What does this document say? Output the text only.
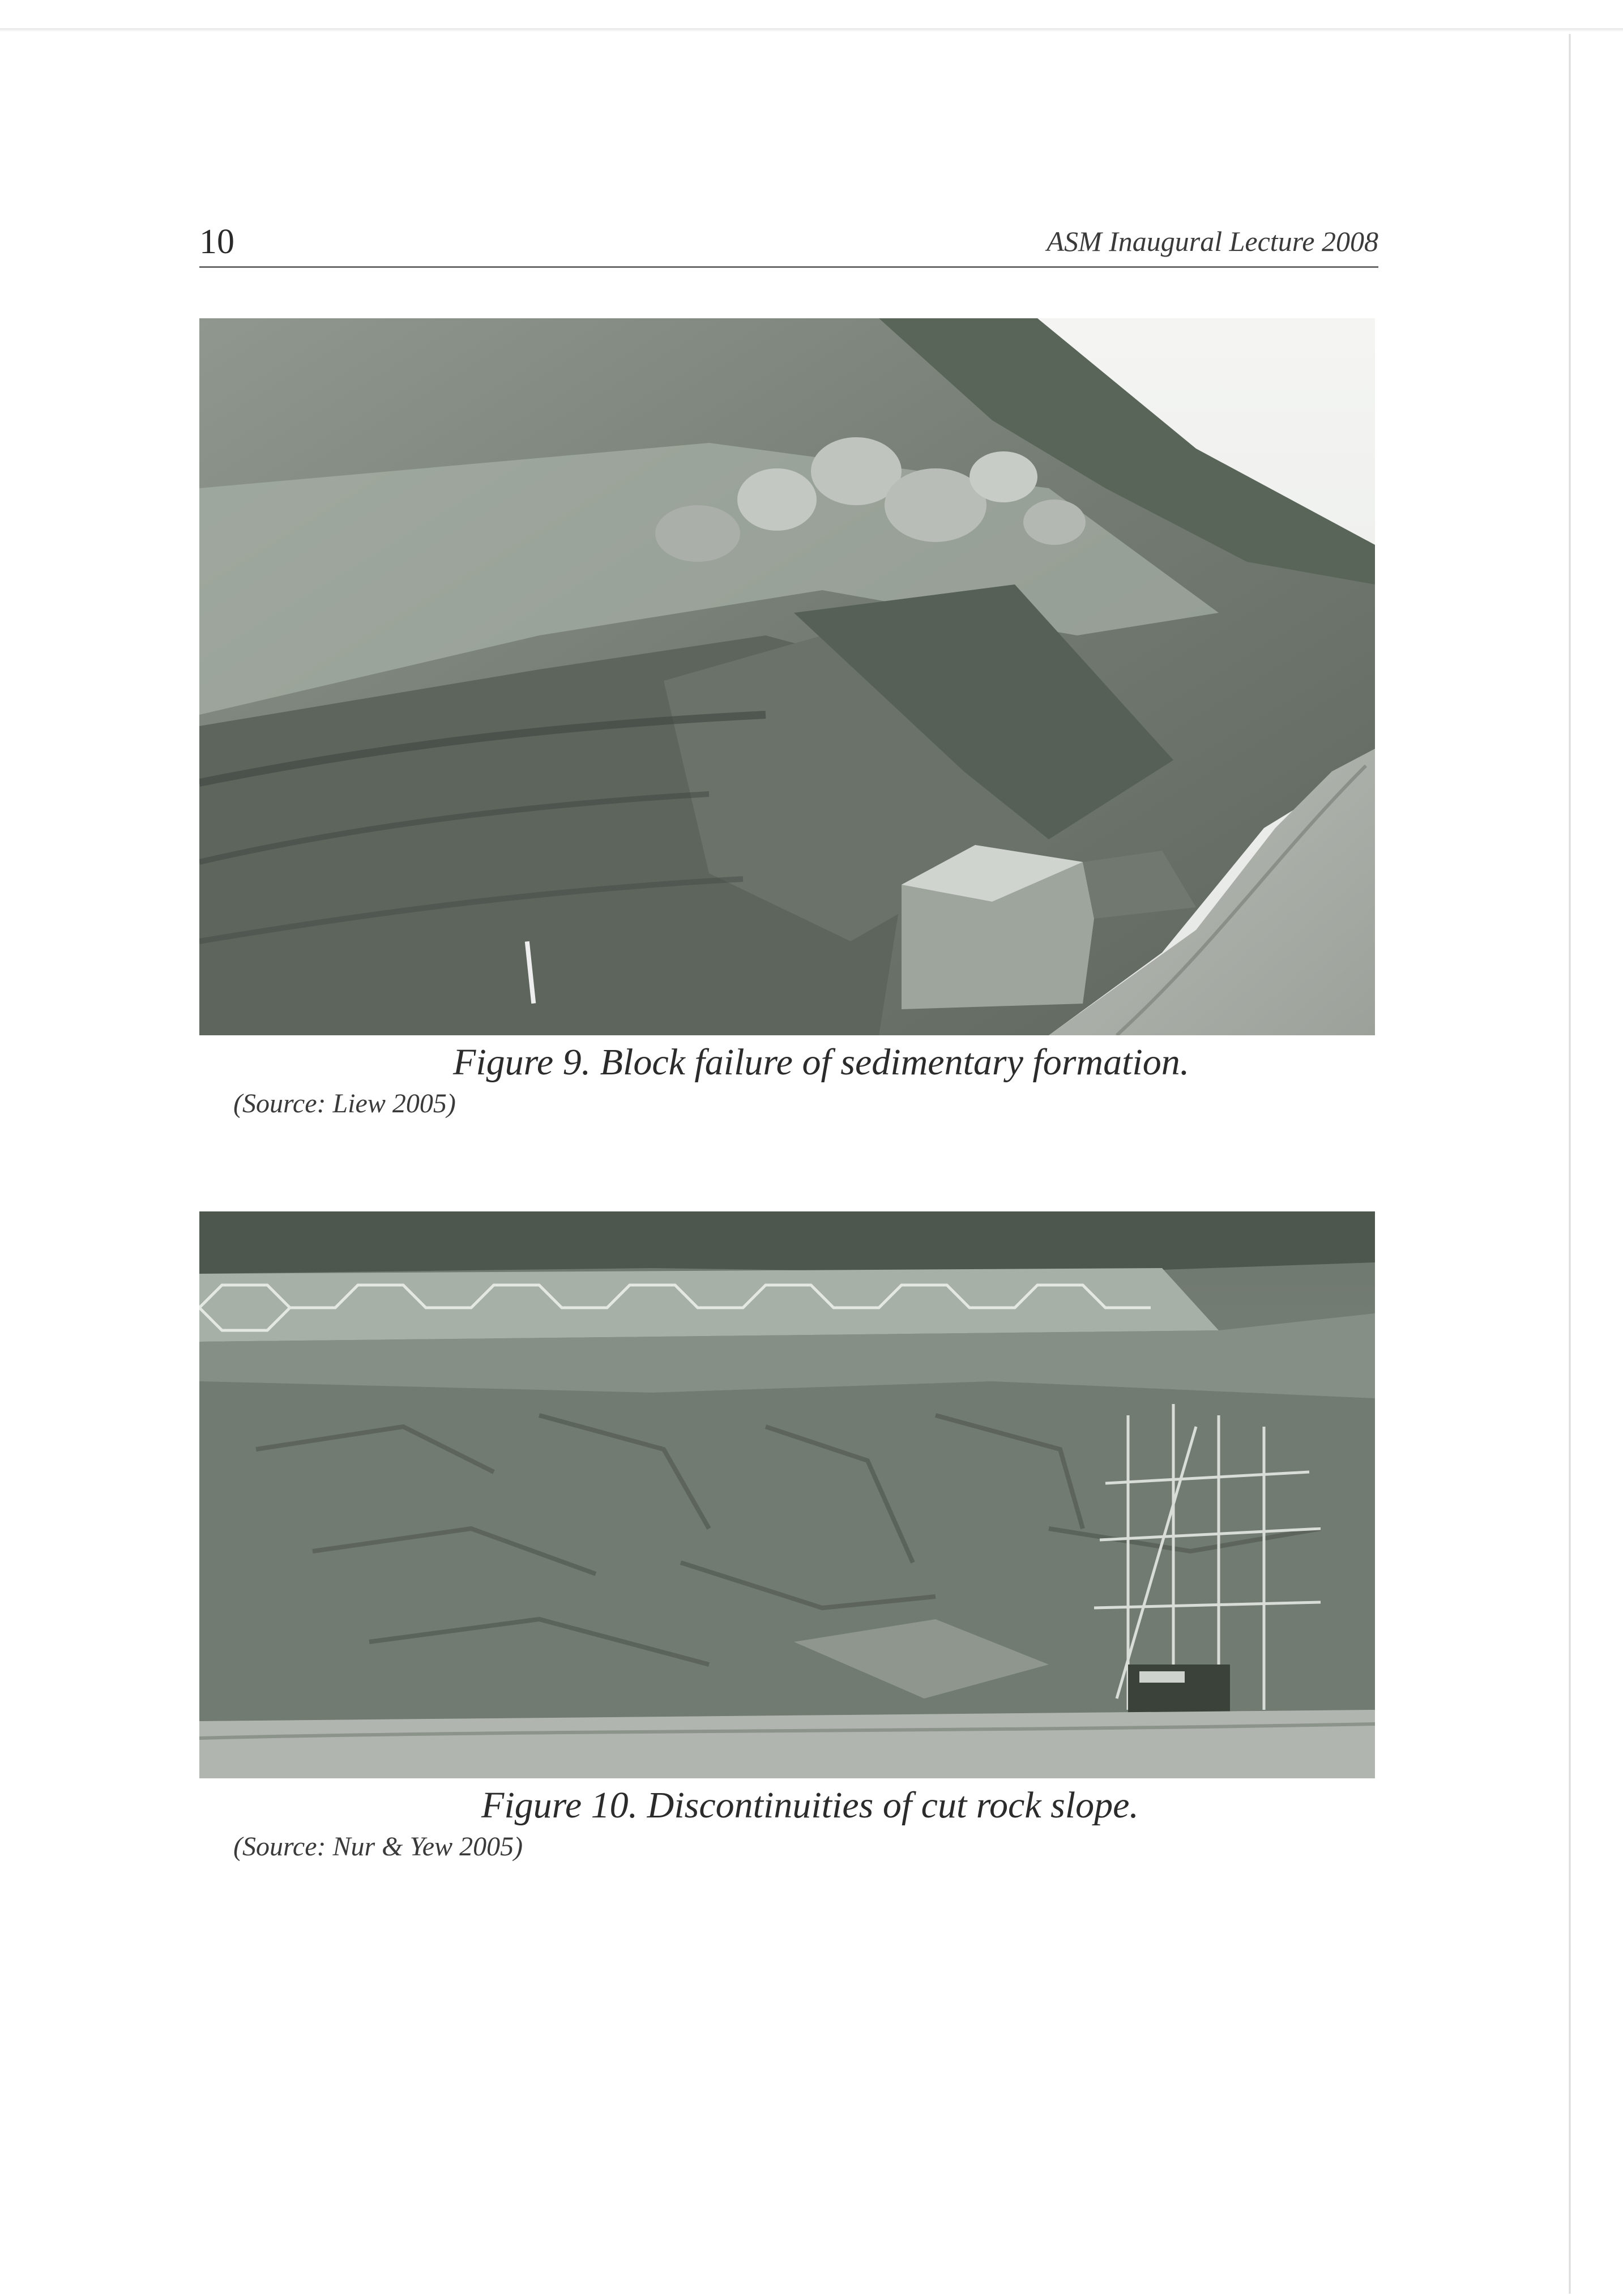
10	ASM Inaugural Lecture 2008
Figure 9. Block failure of sedimentary formation.
(Source: Liew 2005)
Figure 10. Discontinuities of cut rock slope.
(Source: Nur & Yew 2005)
